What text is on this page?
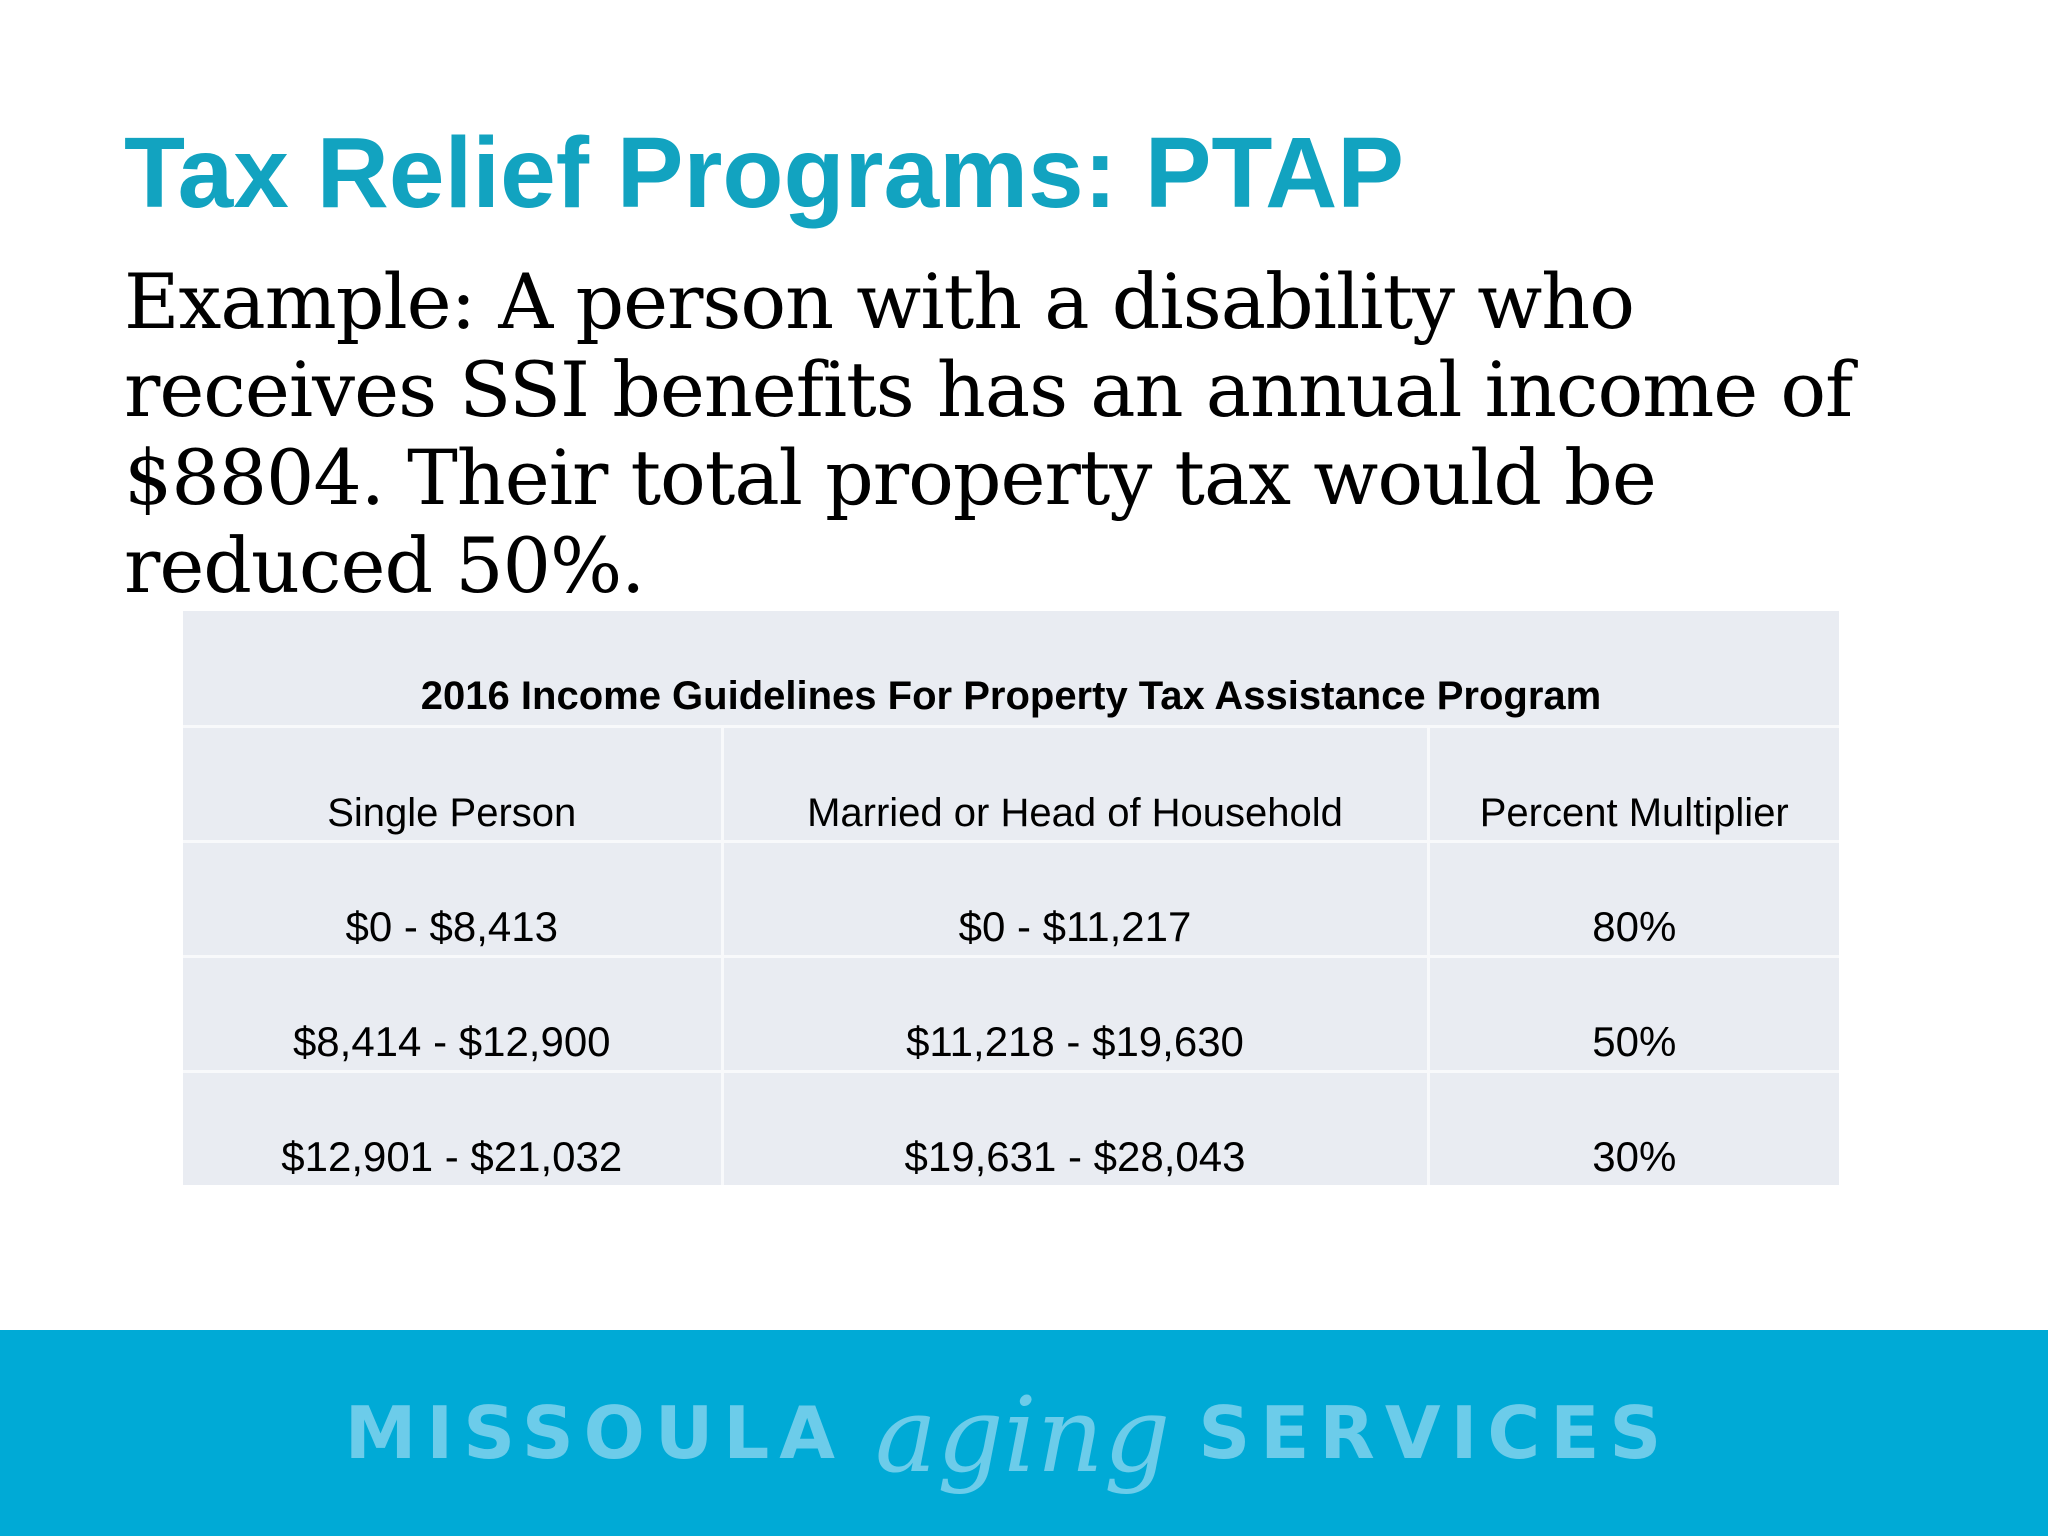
Tax Relief Programs: PTAP

Example: A person with a disability who receives SSI benefits has an annual income of $8804. Their total property tax would be reduced 50%.

2016 Income Guidelines For Property Tax Assistance Program		
Single Person	Married or Head of Household	Percent Multiplier
$0 - $8,413	$0 - $11,217	80%
$8,414 - $12,900	$11,218 - $19,630	50%
$12,901 - $21,032	$19,631 - $28,043	30%
MISSOULA aging SERVICES
